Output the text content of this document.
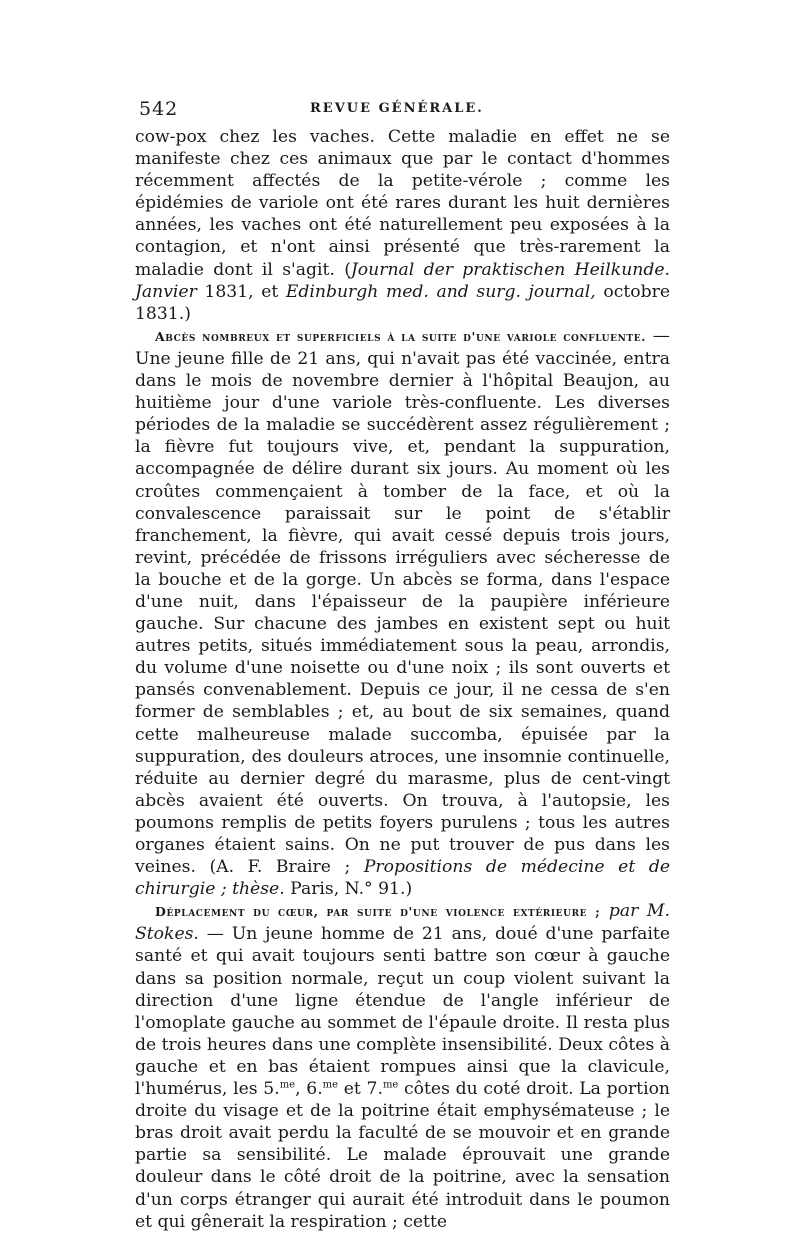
542	REVUE GÉNÉRALE.

cow-pox chez les vaches. Cette maladie en effet ne se manifeste chez ces animaux que par le contact d'hommes récemment affectés de la petite-vérole ; comme les épidémies de variole ont été rares durant les huit dernières années, les vaches ont été naturellement peu exposées à la contagion, et n'ont ainsi présenté que très-rarement la maladie dont il s'agit. (Journal der praktischen Heilkunde. Janvier 1831, et Edinburgh med. and surg. journal, octobre 1831.)

Abcès nombreux et superficiels à la suite d'une variole confluente. — Une jeune fille de 21 ans, qui n'avait pas été vaccinée, entra dans le mois de novembre dernier à l'hôpital Beaujon, au huitième jour d'une variole très-confluente. Les diverses périodes de la maladie se succédèrent assez régulièrement ; la fièvre fut toujours vive, et, pendant la suppuration, accompagnée de délire durant six jours. Au moment où les croûtes commençaient à tomber de la face, et où la convalescence paraissait sur le point de s'établir franchement, la fièvre, qui avait cessé depuis trois jours, revint, précédée de frissons irréguliers avec sécheresse de la bouche et de la gorge. Un abcès se forma, dans l'espace d'une nuit, dans l'épaisseur de la paupière inférieure gauche. Sur chacune des jambes en existent sept ou huit autres petits, situés immédiatement sous la peau, arrondis, du volume d'une noisette ou d'une noix ; ils sont ouverts et pansés convenablement. Depuis ce jour, il ne cessa de s'en former de semblables ; et, au bout de six semaines, quand cette malheureuse malade succomba, épuisée par la suppuration, des douleurs atroces, une insomnie continuelle, réduite au dernier degré du marasme, plus de cent-vingt abcès avaient été ouverts. On trouva, à l'autopsie, les poumons remplis de petits foyers purulens ; tous les autres organes étaient sains. On ne put trouver de pus dans les veines. (A. F. Braire ; Propositions de médecine et de chirurgie ; thèse. Paris, N.° 91.)

Déplacement du cœur, par suite d'une violence extérieure ; par M. Stokes. — Un jeune homme de 21 ans, doué d'une parfaite santé et qui avait toujours senti battre son cœur à gauche dans sa position normale, reçut un coup violent suivant la direction d'une ligne étendue de l'angle inférieur de l'omoplate gauche au sommet de l'épaule droite. Il resta plus de trois heures dans une complète insensibilité. Deux côtes à gauche et en bas étaient rompues ainsi que la clavicule, l'humérus, les 5.$^{me}$, 6.$^{me}$ et 7.$^{me}$ côtes du coté droit. La portion droite du visage et de la poitrine était emphysémateuse ; le bras droit avait perdu la faculté de se mouvoir et en grande partie sa sensibilité. Le malade éprouvait une grande douleur dans le côté droit de la poitrine, avec la sensation d'un corps étranger qui aurait été introduit dans le poumon et qui gênerait la respiration ; cette
